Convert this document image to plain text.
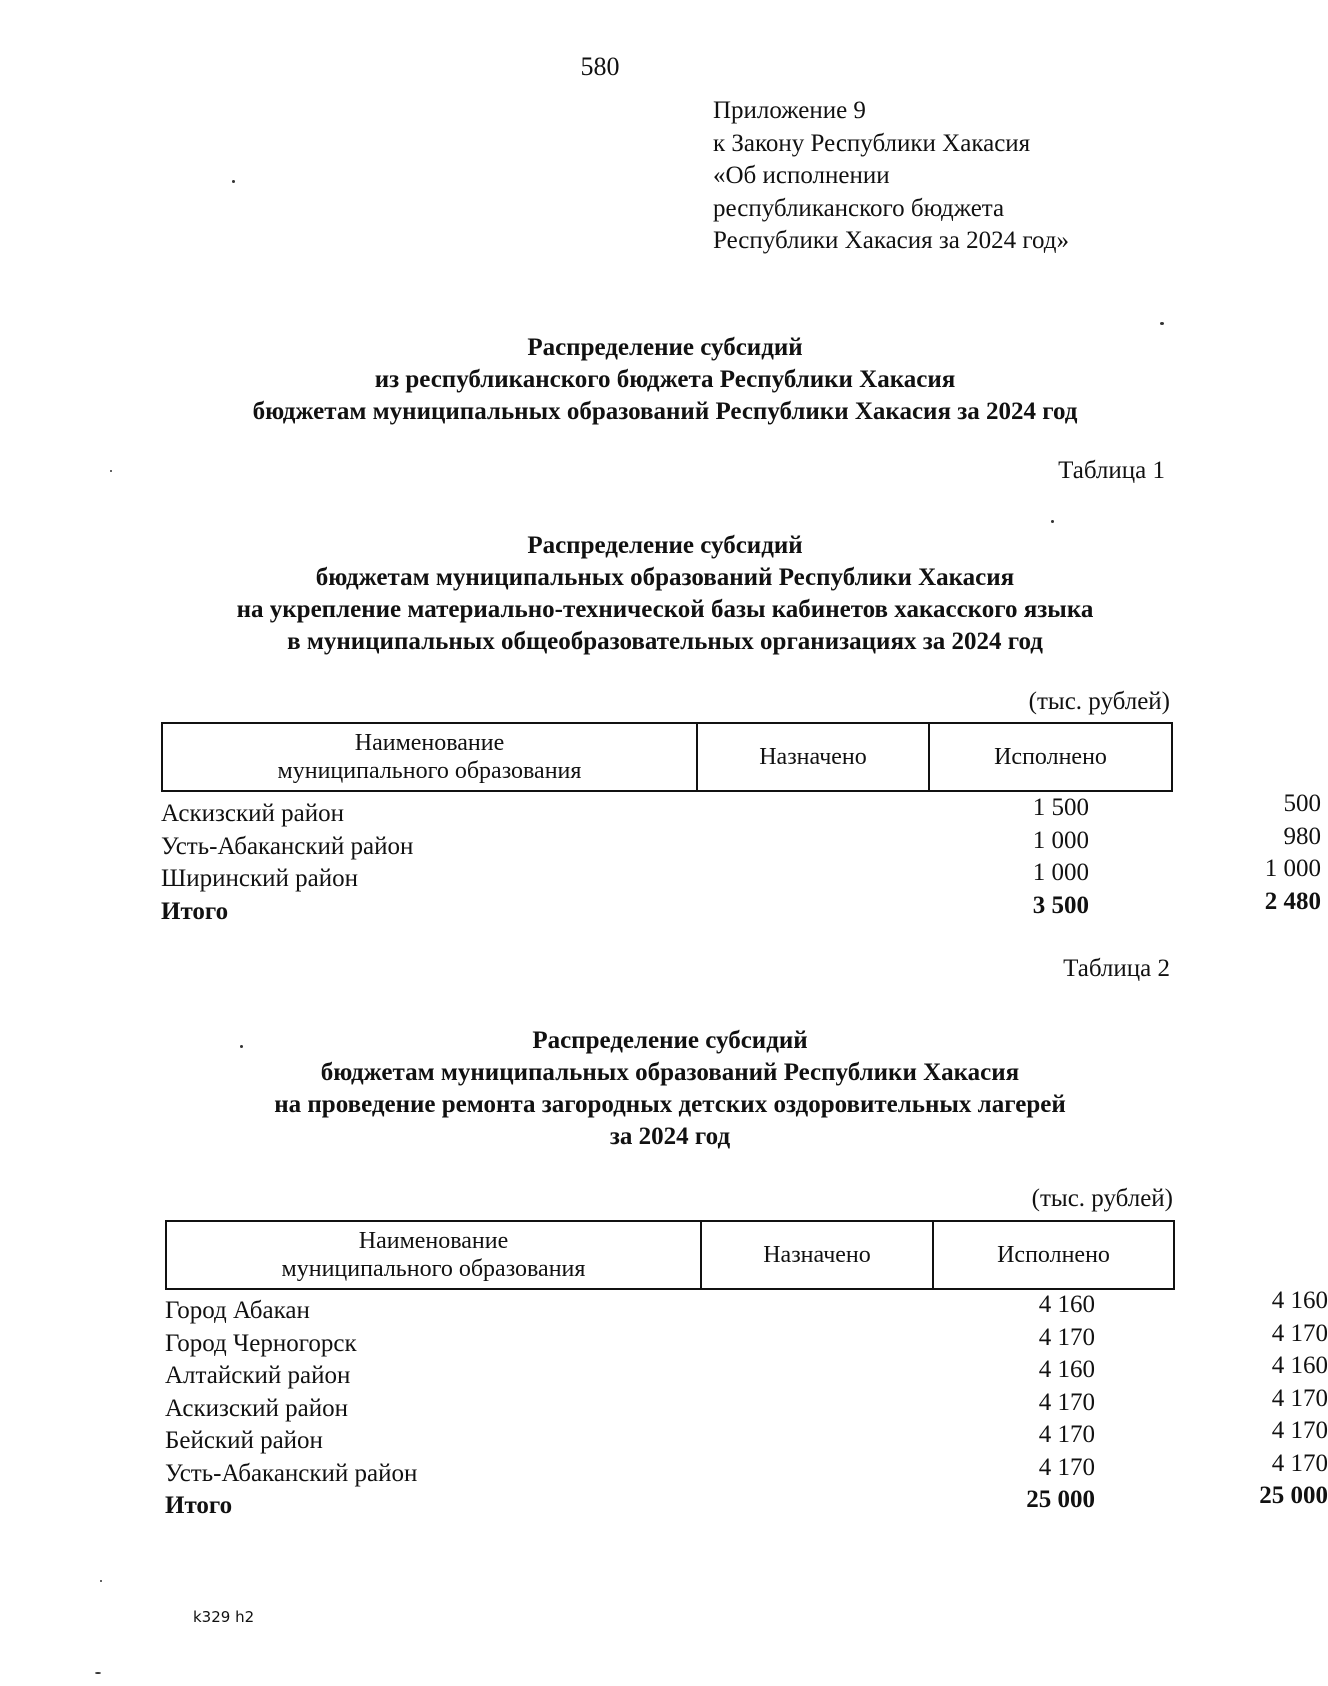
580
Приложение 9
к Закону Республики Хакасия
«Об исполнении
республиканского бюджета
Республики Хакасия за 2024 год»
Распределение субсидий
из республиканского бюджета Республики Хакасия
бюджетам муниципальных образований Республики Хакасия за 2024 год
Таблица 1
Распределение субсидий
бюджетам муниципальных образований Республики Хакасия
на укрепление материально-технической базы кабинетов хакасского языка
в муниципальных общеобразовательных организациях за 2024 год
(тыс. рублей)
Наименование
муниципального образования
	Назначено	Исполнено
Аскизский район	1 500	500
Усть-Абаканский район	1 000	980
Ширинский район	1 000	1 000
Итого	3 500	2 480
Таблица 2
Распределение субсидий
бюджетам муниципальных образований Республики Хакасия
на проведение ремонта загородных детских оздоровительных лагерей
за 2024 год
(тыс. рублей)
Наименование
муниципального образования
	Назначено	Исполнено
Город Абакан	4 160	4 160
Город Черногорск	4 170	4 170
Алтайский район	4 160	4 160
Аскизский район	4 170	4 170
Бейский район	4 170	4 170
Усть-Абаканский район	4 170	4 170
Итого	25 000	25 000
k329 h2
